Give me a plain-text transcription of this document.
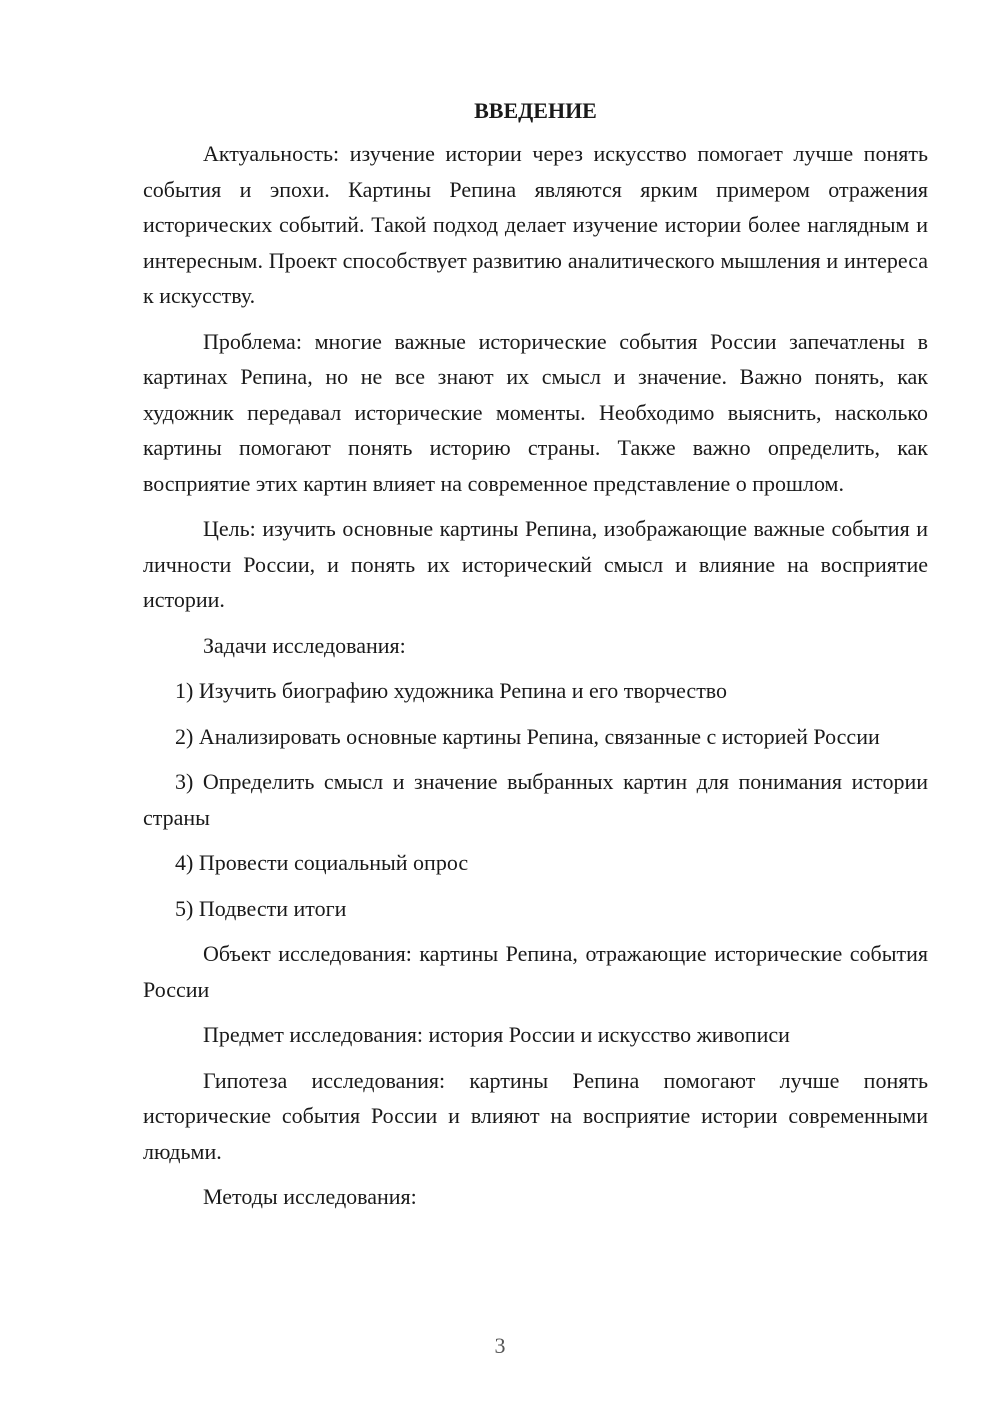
ВВЕДЕНИЕ

Актуальность: изучение истории через искусство помогает лучше понять события и эпохи. Картины Репина являются ярким примером отражения исторических событий. Такой подход делает изучение истории более наглядным и интересным. Проект способствует развитию аналитического мышления и интереса к искусству.

Проблема: многие важные исторические события России запечатлены в картинах Репина, но не все знают их смысл и значение. Важно понять, как художник передавал исторические моменты. Необходимо выяснить, насколько картины помогают понять историю страны. Также важно определить, как восприятие этих картин влияет на современное представление о прошлом.

Цель: изучить основные картины Репина, изображающие важные события и личности России, и понять их исторический смысл и влияние на восприятие истории.

Задачи исследования:

1) Изучить биографию художника Репина и его творчество

2) Анализировать основные картины Репина, связанные с историей России

3) Определить смысл и значение выбранных картин для понимания истории страны

4) Провести социальный опрос

5) Подвести итоги

Объект исследования: картины Репина, отражающие исторические события России

Предмет исследования: история России и искусство живописи

Гипотеза исследования: картины Репина помогают лучше понять исторические события России и влияют на восприятие истории современными людьми.

Методы исследования:

3
